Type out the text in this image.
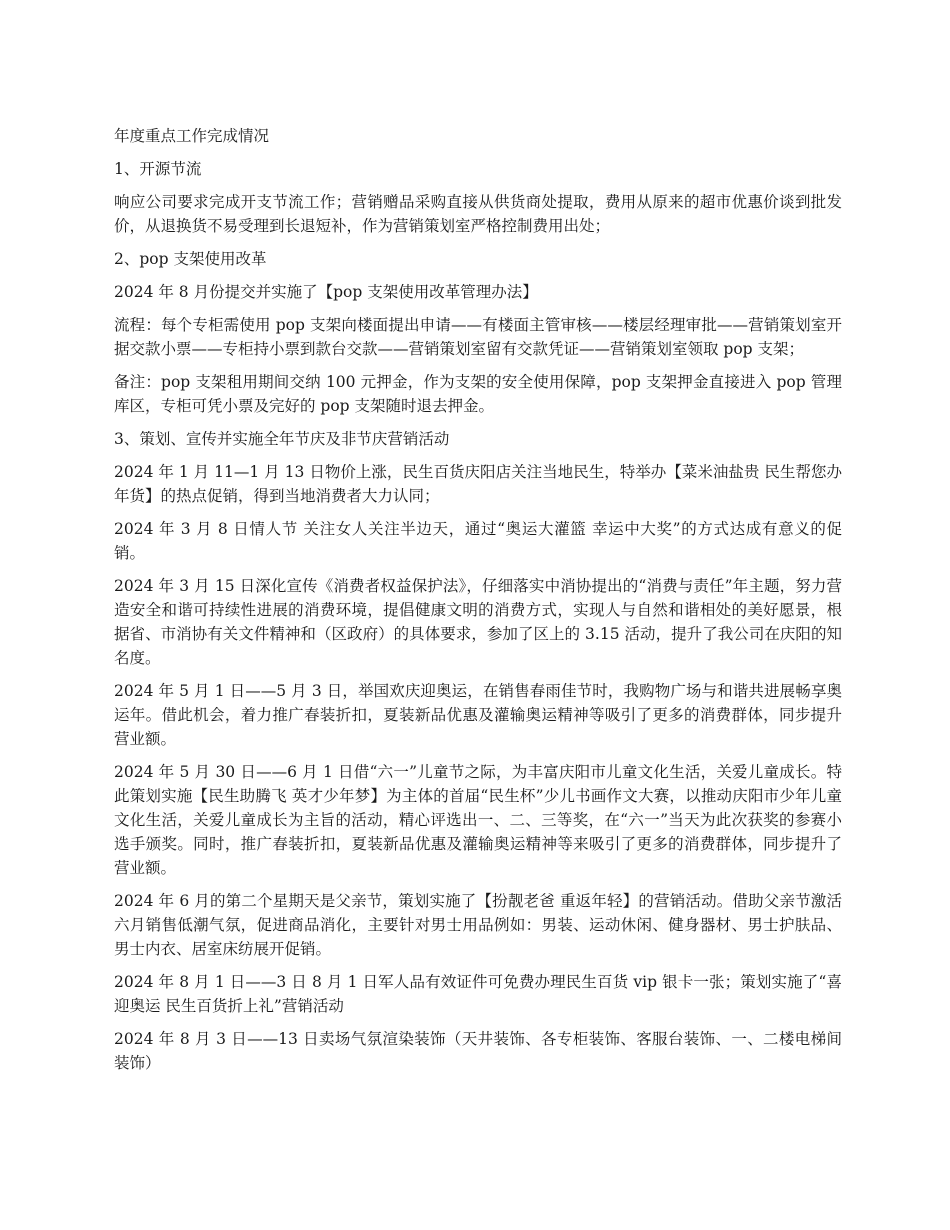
年度重点工作完成情况

1、开源节流

响应公司要求完成开支节流工作；营销赠品采购直接从供货商处提取，费用从原来的超市优惠价谈到批发价，从退换货不易受理到长退短补，作为营销策划室严格控制费用出处；

2、pop 支架使用改革

2024 年 8 月份提交并实施了【pop 支架使用改革管理办法】

流程：每个专柜需使用 pop 支架向楼面提出申请——有楼面主管审核——楼层经理审批——营销策划室开据交款小票——专柜持小票到款台交款——营销策划室留有交款凭证——营销策划室领取 pop 支架；

备注：pop 支架租用期间交纳 100 元押金，作为支架的安全使用保障，pop 支架押金直接进入 pop 管理库区，专柜可凭小票及完好的 pop 支架随时退去押金。

3、策划、宣传并实施全年节庆及非节庆营销活动

2024 年 1 月 11—1 月 13 日物价上涨，民生百货庆阳店关注当地民生，特举办【菜米油盐贵 民生帮您办年货】的热点促销，得到当地消费者大力认同；

2024 年 3 月 8 日情人节 关注女人关注半边天，通过“奥运大灌篮 幸运中大奖”的方式达成有意义的促销。

2024 年 3 月 15 日深化宣传《消费者权益保护法》，仔细落实中消协提出的“消费与责任”年主题，努力营造安全和谐可持续性进展的消费环境，提倡健康文明的消费方式，实现人与自然和谐相处的美好愿景，根据省、市消协有关文件精神和（区政府）的具体要求，参加了区上的 3.15 活动，提升了我公司在庆阳的知名度。

2024 年 5 月 1 日——5 月 3 日，举国欢庆迎奥运，在销售春雨佳节时，我购物广场与和谐共进展畅享奥运年。借此机会，着力推广春装折扣，夏装新品优惠及灌输奥运精神等吸引了更多的消费群体，同步提升营业额。

2024 年 5 月 30 日——6 月 1 日借“六一”儿童节之际，为丰富庆阳市儿童文化生活，关爱儿童成长。特此策划实施【民生助腾飞 英才少年梦】为主体的首届“民生杯”少儿书画作文大赛，以推动庆阳市少年儿童文化生活，关爱儿童成长为主旨的活动，精心评选出一、二、三等奖，在“六一”当天为此次获奖的参赛小选手颁奖。同时，推广春装折扣，夏装新品优惠及灌输奥运精神等来吸引了更多的消费群体，同步提升了营业额。

2024 年 6 月的第二个星期天是父亲节，策划实施了【扮靓老爸 重返年轻】的营销活动。借助父亲节激活六月销售低潮气氛，促进商品消化，主要针对男士用品例如：男装、运动休闲、健身器材、男士护肤品、男士内衣、居室床纺展开促销。

2024 年 8 月 1 日——3 日 8 月 1 日军人品有效证件可免费办理民生百货 vip 银卡一张；策划实施了“喜迎奥运 民生百货折上礼”营销活动

2024 年 8 月 3 日——13 日卖场气氛渲染装饰（天井装饰、各专柜装饰、客服台装饰、一、二楼电梯间装饰）
